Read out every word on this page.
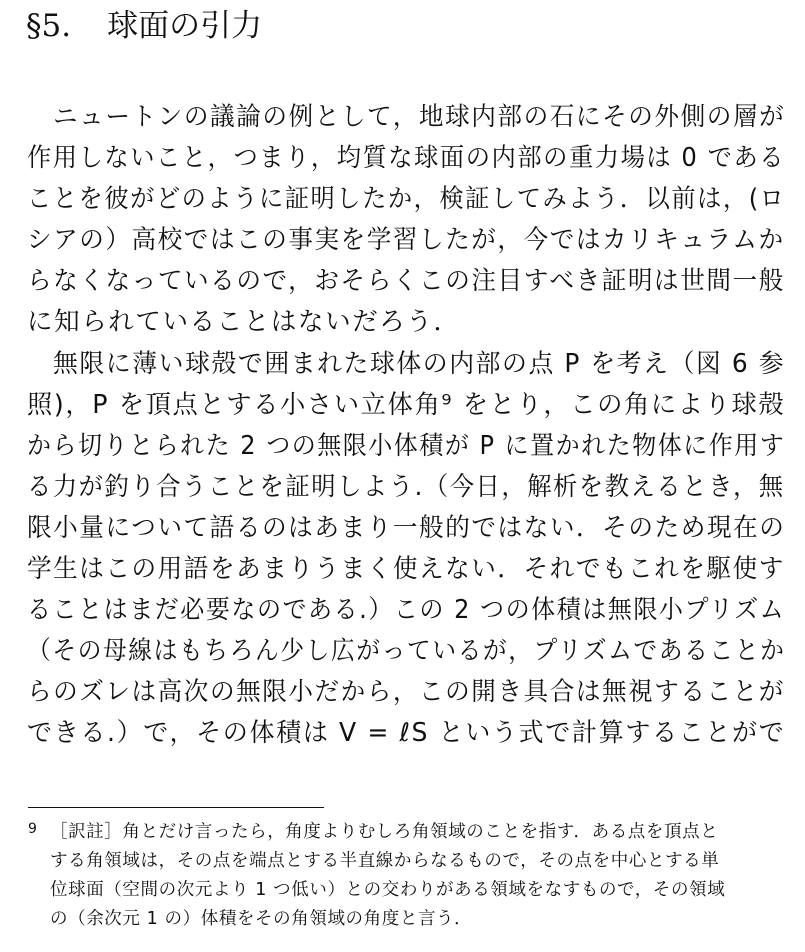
§5. 球面の引力
ニュートンの議論の例として，地球内部の石にその外側の層が
作用しないこと，つまり，均質な球面の内部の重力場は 0 である
ことを彼がどのように証明したか，検証してみよう．以前は，(ロ
シアの）高校ではこの事実を学習したが，今ではカリキュラムか
らなくなっているので，おそらくこの注目すべき証明は世間一般
に知られていることはないだろう．
無限に薄い球殻で囲まれた球体の内部の点 P を考え（図 6 参
照)，P を頂点とする小さい立体角⁹ をとり，この角により球殻
から切りとられた 2 つの無限小体積が P に置かれた物体に作用す
る力が釣り合うことを証明しよう.（今日，解析を教えるとき，無
限小量について語るのはあまり一般的ではない．そのため現在の
学生はこの用語をあまりうまく使えない．それでもこれを駆使す
ることはまだ必要なのである.）この 2 つの体積は無限小プリズム
（その母線はもちろん少し広がっているが，プリズムであることか
らのズレは高次の無限小だから，この開き具合は無視することが
できる.）で，その体積は V = ℓS という式で計算することがで
9 ［訳註］角とだけ言ったら，角度よりむしろ角領域のことを指す．ある点を頂点と
する角領域は，その点を端点とする半直線からなるもので，その点を中心とする単
位球面（空間の次元より 1 つ低い）との交わりがある領域をなすもので，その領域
の（余次元 1 の）体積をその角領域の角度と言う．
